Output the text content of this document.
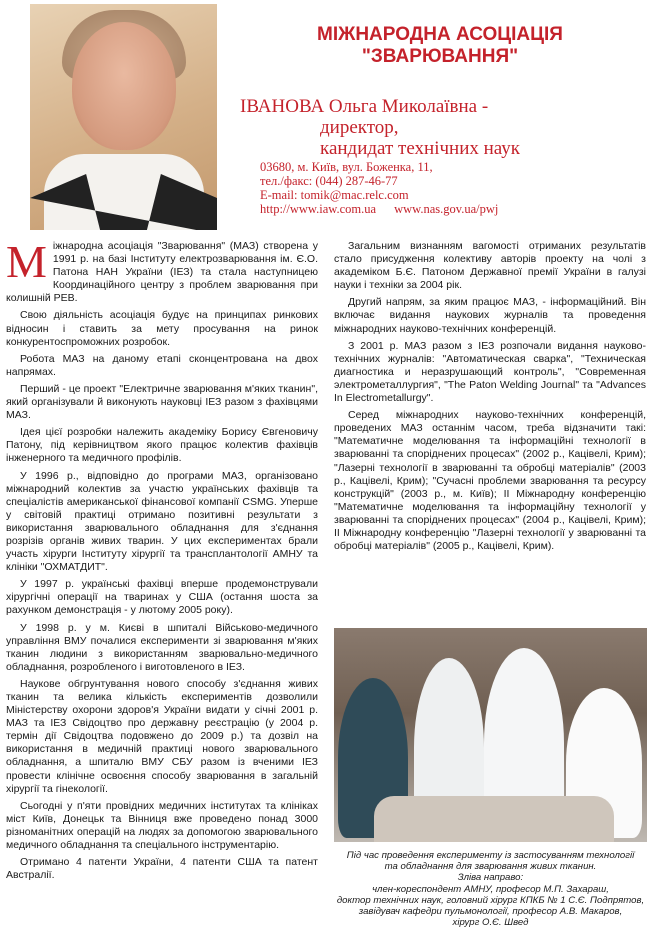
МІЖНАРОДНА АСОЦІАЦІЯ
"ЗВАРЮВАННЯ"
ІВАНОВА Ольга Миколаївна -
директор,
кандидат технічних наук
03680, м. Київ, вул. Боженка, 11,
тел./факс: (044) 287-46-77
E-mail: tomik@mac.relc.com
http://www.iaw.com.ua www.nas.gov.ua/pwj

Міжнародна асоціація "Зварювання" (МАЗ) створена у 1991 р. на базі Інституту електрозварювання ім. Є.О. Патона НАН України (ІЕЗ) та стала наступницею Координаційного центру з проблем зварювання при колишній РЕВ.

Свою діяльність асоціація будує на принципах ринкових відносин і ставить за мету просування на ринок конкурентоспроможних розробок.

Робота МАЗ на даному етапі сконцентрована на двох напрямах.

Перший - це проект "Електричне зварювання м'яких тканин", який організували й виконують науковці ІЕЗ разом з фахівцями МАЗ.

Ідея цієї розробки належить академіку Борису Євгеновичу Патону, під керівництвом якого працює колектив фахівців інженерного та медичного профілів.

У 1996 р., відповідно до програми МАЗ, організовано міжнародний колектив за участю українських фахівців та спеціалістів американської фінансової компанії CSMG. Уперше у світовій практиці отримано позитивні результати з використання зварювального обладнання для з'єднання розрізів органів живих тварин. У цих експериментах брали участь хірурги Інституту хірургії та трансплантології АМНУ та клініки "ОХМАТДИТ".

У 1997 р. українські фахівці вперше продемонстрували хірургічні операції на тваринах у США (остання шоста за рахунком демонстрація - у лютому 2005 року).

У 1998 р. у м. Києві в шпиталі Військово-медичного управління ВМУ почалися експерименти зі зварювання м'яких тканин людини з використанням зварювально-медичного обладнання, розробленого і виготовленого в ІЕЗ.

Наукове обгрунтування нового способу з'єднання живих тканин та велика кількість експериментів дозволили Міністерству охорони здоров'я України видати у січні 2001 р. МАЗ та ІЕЗ Свідоцтво про державну реєстрацію (у 2004 р. термін дії Свідоцтва подовжено до 2009 р.) та дозвіл на використання в медичній практиці нового зварювального обладнання, а шпиталю ВМУ СБУ разом із вченими ІЕЗ провести клінічне освоєння способу зварювання в загальній хірургії та гінекології.

Сьогодні у п'яти провідних медичних інститутах та клініках міст Київ, Донецьк та Вінниця вже проведено понад 3000 різноманітних операцій на людях за допомогою зварювального медичного обладнання та спеціального інструментарію.

Отримано 4 патенти України, 4 патенти США та патент Австралії.

Загальним визнанням вагомості отриманих результатів стало присудження колективу авторів проекту на чолі з академіком Б.Є. Патоном Державної премії України в галузі науки і техніки за 2004 рік.

Другий напрям, за яким працює МАЗ, - інформаційний. Він включає видання наукових журналів та проведення міжнародних науково-технічних конференцій.

З 2001 р. МАЗ разом з ІЕЗ розпочали видання науково-технічних журналів: "Автоматическая сварка", "Техническая диагностика и неразрушающий контроль", "Современная электрометаллургия", "The Paton Welding Journal" та "Advances In Electrometallurgy".

Серед міжнародних науково-технічних конференцій, проведених МАЗ останнім часом, треба відзначити такі: "Математичне моделювання та інформаційні технології в зварюванні та споріднених процесах" (2002 р., Кацівелі, Крим); "Лазерні технології в зварюванні та обробці матеріалів" (2003 р., Кацівелі, Крим); "Сучасні проблеми зварювання та ресурсу конструкцій" (2003 р., м. Київ); ІІ Міжнародну конференцію "Математичне моделювання та інформаційну технології у зварюванні та споріднених процесах" (2004 р., Кацівелі, Крим); ІІ Міжнародну конференцію "Лазерні технології у зварюванні та обробці матеріалів" (2005 р., Кацівелі, Крим).

Під час проведення експерименту із застосуванням технології
та обладнання для зварювання живих тканин.
Зліва направо:
член-кореспондент АМНУ, професор М.П. Захараш,
доктор технічних наук, головний хірург КПКБ № 1 С.Є. Подпрятов,
завідувач кафедри пульмонології, професор А.В. Макаров,
хірург О.Є. Швед
